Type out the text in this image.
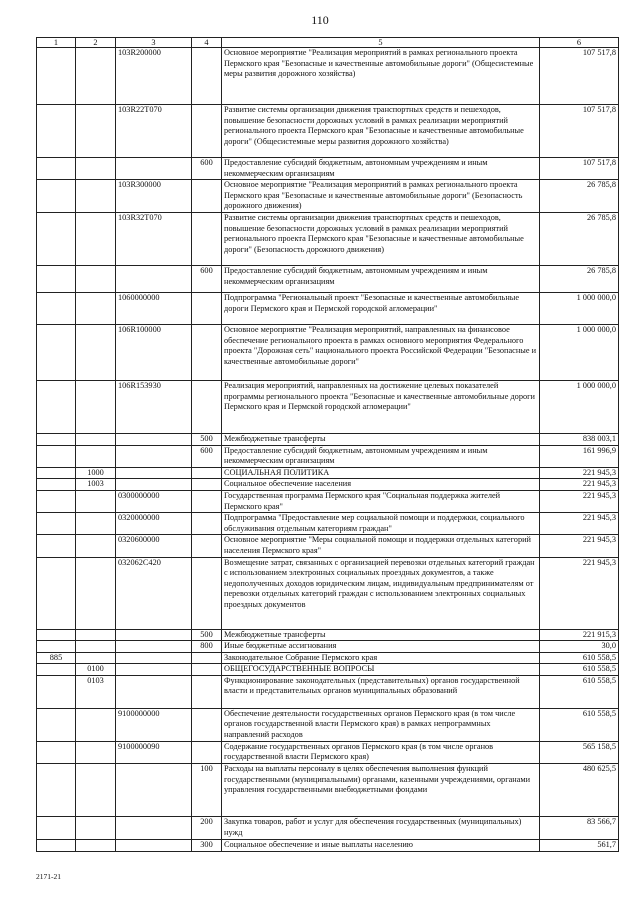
110
1	2	3	4	5	6
		103R200000		Основное мероприятие "Реализация мероприятий в рамках регионального проекта Пермского края "Безопасные и качественные автомобильные дороги" (Общесистемные меры развития дорожного хозяйства)	107 517,8
		103R22T070		Развитие системы организации движения транспортных средств и пешеходов, повышение безопасности дорожных условий в рамках реализации мероприятий регионального проекта Пермского края "Безопасные и качественные автомобильные дороги" (Общесистемные меры развития дорожного хозяйства)	107 517,8
			600	Предоставление субсидий бюджетным, автономным учреждениям и иным некоммерческим организациям	107 517,8
		103R300000		Основное мероприятие "Реализация мероприятий в рамках регионального проекта Пермского края "Безопасные и качественные автомобильные дороги" (Безопасность дорожного движения)	26 785,8
		103R32T070		Развитие системы организации движения транспортных средств и пешеходов, повышение безопасности дорожных условий в рамках реализации мероприятий регионального проекта Пермского края "Безопасные и качественные автомобильные дороги" (Безопасность дорожного движения)	26 785,8
			600	Предоставление субсидий бюджетным, автономным учреждениям и иным некоммерческим организациям	26 785,8
		1060000000		Подпрограмма "Региональный проект "Безопасные и качественные автомобильные дороги Пермского края и Пермской городской агломерации"	1 000 000,0
		106R100000		Основное мероприятие "Реализация мероприятий, направленных на финансовое обеспечение регионального проекта в рамках основного мероприятия Федерального проекта "Дорожная сеть" национального проекта Российской Федерации "Безопасные и качественные автомобильные дороги"	1 000 000,0
		106R153930		Реализация мероприятий, направленных на достижение целевых показателей программы регионального проекта "Безопасные и качественные автомобильные дороги Пермского края и Пермской городской агломерации"	1 000 000,0
			500	Межбюджетные трансферты	838 003,1
			600	Предоставление субсидий бюджетным, автономным учреждениям и иным некоммерческим организациям	161 996,9
	1000			СОЦИАЛЬНАЯ ПОЛИТИКА	221 945,3
	1003			Социальное обеспечение населения	221 945,3
		0300000000		Государственная программа Пермского края "Социальная поддержка жителей Пермского края"	221 945,3
		0320000000		Подпрограмма "Предоставление мер социальной помощи и поддержки, социального обслуживания отдельным категориям граждан"	221 945,3
		0320600000		Основное мероприятие "Меры социальной помощи и поддержки отдельных категорий населения Пермского края"	221 945,3
		032062C420		Возмещение затрат, связанных с организацией перевозки отдельных категорий граждан с использованием электронных социальных проездных документов, а также недополученных доходов юридическим лицам, индивидуальным предпринимателям от перевозки отдельных категорий граждан с использованием электронных социальных проездных документов	221 945,3
			500	Межбюджетные трансферты	221 915,3
			800	Иные бюджетные ассигнования	30,0
885				Законодательное Собрание Пермского края	610 558,5
	0100			ОБЩЕГОСУДАРСТВЕННЫЕ ВОПРОСЫ	610 558,5
	0103			Функционирование законодательных (представительных) органов государственной власти и представительных органов муниципальных образований	610 558,5
		9100000000		Обеспечение деятельности государственных органов Пермского края (в том числе органов государственной власти Пермского края) в рамках непрограммных направлений расходов	610 558,5
		9100000090		Содержание государственных органов Пермского края (в том числе органов государственной власти Пермского края)	565 158,5
			100	Расходы на выплаты персоналу в целях обеспечения выполнения функций государственными (муниципальными) органами, казенными учреждениями, органами управления государственными внебюджетными фондами	480 625,5
			200	Закупка товаров, работ и услуг для обеспечения государственных (муниципальных) нужд	83 566,7
			300	Социальное обеспечение и иные выплаты населению	561,7
2171-21
